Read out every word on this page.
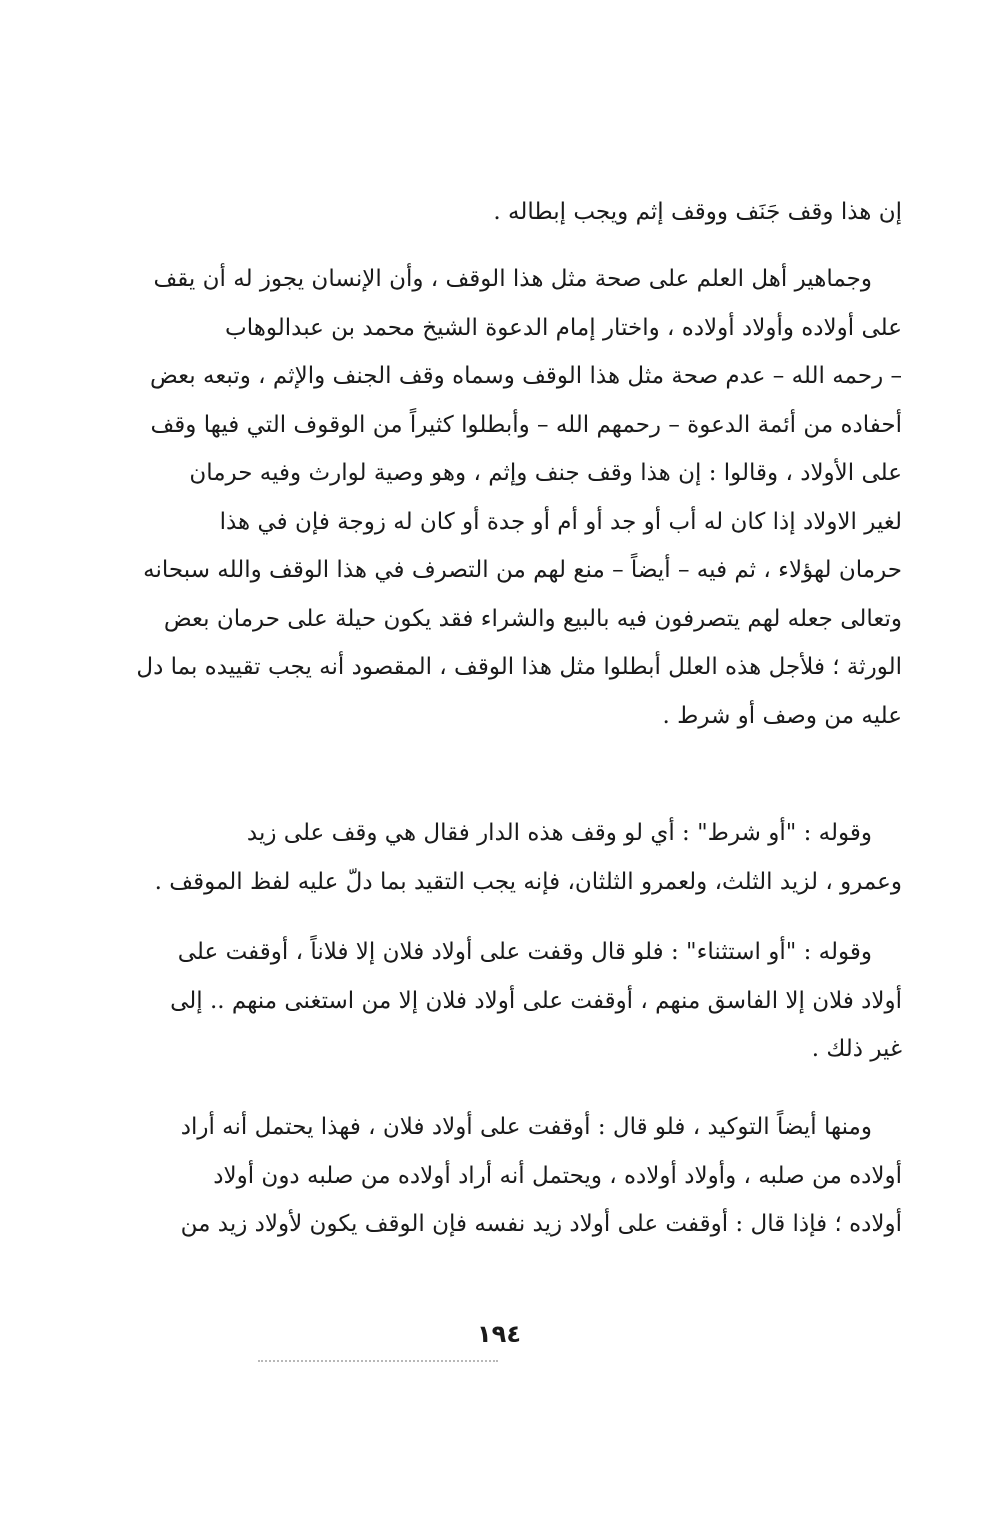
إن هذا وقف جَنَف ووقف إثم ويجب إبطاله .
وجماهير أهل العلم على صحة مثل هذا الوقف ، وأن الإنسان يجوز له أن يقف
على أولاده وأولاد أولاده ، واختار إمام الدعوة الشيخ محمد بن عبدالوهاب
– رحمه الله – عدم صحة مثل هذا الوقف وسماه وقف الجنف والإثم ، وتبعه بعض
أحفاده من أئمة الدعوة – رحمهم الله – وأبطلوا كثيراً من الوقوف التي فيها وقف
على الأولاد ، وقالوا : إن هذا وقف جنف وإثم ، وهو وصية لوارث وفيه حرمان
لغير الاولاد إذا كان له أب أو جد أو أم أو جدة أو كان له زوجة فإن في هذا
حرمان لهؤلاء ، ثم فيه – أيضاً – منع لهم من التصرف في هذا الوقف والله سبحانه
وتعالى جعله لهم يتصرفون فيه بالبيع والشراء فقد يكون حيلة على حرمان بعض
الورثة ؛ فلأجل هذه العلل أبطلوا مثل هذا الوقف ، المقصود أنه يجب تقييده بما دل
عليه من وصف أو شرط .
وقوله : "أو شرط" : أي لو وقف هذه الدار فقال هي وقف على زيد
وعمرو ، لزيد الثلث، ولعمرو الثلثان، فإنه يجب التقيد بما دلّ عليه لفظ الموقف .
وقوله : "أو استثناء" : فلو قال وقفت على أولاد فلان إلا فلاناً ، أوقفت على
أولاد فلان إلا الفاسق منهم ، أوقفت على أولاد فلان إلا من استغنى منهم .. إلى
غير ذلك .
ومنها أيضاً التوكيد ، فلو قال : أوقفت على أولاد فلان ، فهذا يحتمل أنه أراد
أولاده من صلبه ، وأولاد أولاده ، ويحتمل أنه أراد أولاده من صلبه دون أولاد
أولاده ؛ فإذا قال : أوقفت على أولاد زيد نفسه فإن الوقف يكون لأولاد زيد من
١٩٤
